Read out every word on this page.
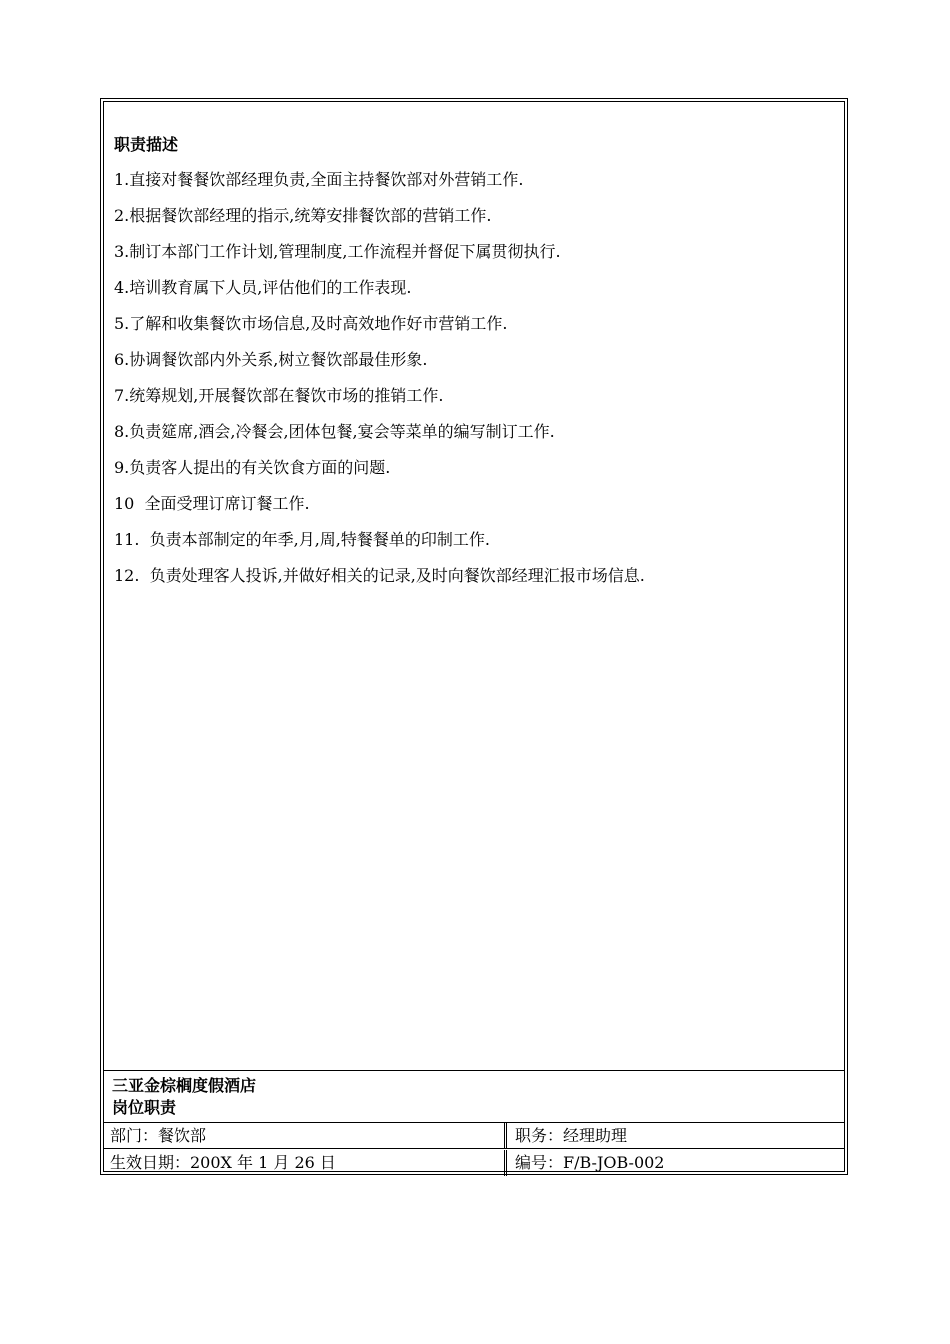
职责描述
1.直接对餐餐饮部经理负责,全面主持餐饮部对外营销工作.
2.根据餐饮部经理的指示,统筹安排餐饮部的营销工作.
3.制订本部门工作计划,管理制度,工作流程并督促下属贯彻执行.
4.培训教育属下人员,评估他们的工作表现.
5.了解和收集餐饮市场信息,及时高效地作好市营销工作.
6.协调餐饮部内外关系,树立餐饮部最佳形象.
7.统筹规划,开展餐饮部在餐饮市场的推销工作.
8.负责筵席,酒会,冷餐会,团体包餐,宴会等菜单的编写制订工作.
9.负责客人提出的有关饮食方面的问题.
10  全面受理订席订餐工作.
11.  负责本部制定的年季,月,周,特餐餐单的印制工作.
12.  负责处理客人投诉,并做好相关的记录,及时向餐饮部经理汇报市场信息.
三亚金棕榈度假酒店
岗位职责
部门：餐饮部	职务：经理助理
生效日期：200X 年 1 月 26 日	编号：F/B-JOB-002
